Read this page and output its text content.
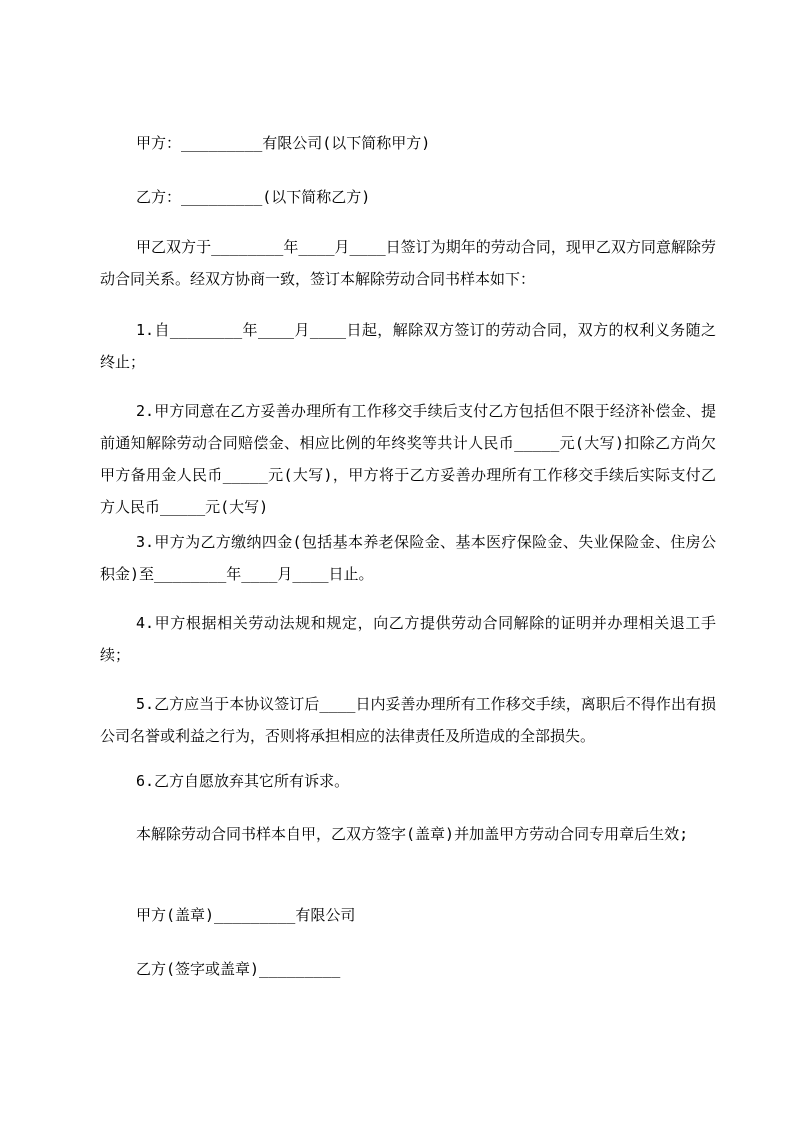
甲方：_________有限公司(以下简称甲方)

乙方：_________(以下简称乙方)

甲乙双方于________年____月____日签订为期年的劳动合同，现甲乙双方同意解除劳动合同关系。经双方协商一致，签订本解除劳动合同书样本如下：

1.自________年____月____日起，解除双方签订的劳动合同，双方的权利义务随之终止；

2.甲方同意在乙方妥善办理所有工作移交手续后支付乙方包括但不限于经济补偿金、提前通知解除劳动合同赔偿金、相应比例的年终奖等共计人民币_____元(大写)扣除乙方尚欠甲方备用金人民币_____元(大写)，甲方将于乙方妥善办理所有工作移交手续后实际支付乙方人民币_____元(大写)

3.甲方为乙方缴纳四金(包括基本养老保险金、基本医疗保险金、失业保险金、住房公积金)至________年____月____日止。

4.甲方根据相关劳动法规和规定，向乙方提供劳动合同解除的证明并办理相关退工手续；

5.乙方应当于本协议签订后____日内妥善办理所有工作移交手续，离职后不得作出有损公司名誉或利益之行为，否则将承担相应的法律责任及所造成的全部损失。

6.乙方自愿放弃其它所有诉求。

本解除劳动合同书样本自甲，乙双方签字(盖章)并加盖甲方劳动合同专用章后生效;

甲方(盖章)_________有限公司

乙方(签字或盖章)_________
